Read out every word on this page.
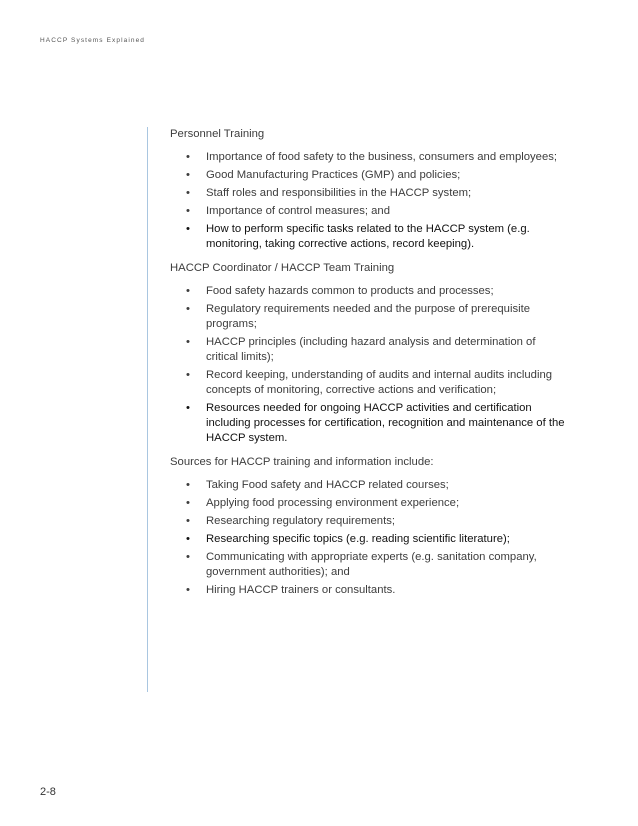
HACCP Systems Explained
Personnel Training
• Importance of food safety to the business, consumers and employees;
• Good Manufacturing Practices (GMP) and policies;
• Staff roles and responsibilities in the HACCP system;
• Importance of control measures; and
• How to perform specific tasks related to the HACCP system (e.g. monitoring, taking corrective actions, record keeping).
HACCP Coordinator / HACCP Team Training
• Food safety hazards common to products and processes;
• Regulatory requirements needed and the purpose of prerequisite programs;
• HACCP principles (including hazard analysis and determination of critical limits);
• Record keeping, understanding of audits and internal audits including concepts of monitoring, corrective actions and verification;
• Resources needed for ongoing HACCP activities and certification including processes for certification, recognition and maintenance of the HACCP system.
Sources for HACCP training and information include:
• Taking Food safety and HACCP related courses;
• Applying food processing environment experience;
• Researching regulatory requirements;
• Researching specific topics (e.g. reading scientific literature);
• Communicating with appropriate experts (e.g. sanitation company, government authorities); and
• Hiring HACCP trainers or consultants.
2-8
